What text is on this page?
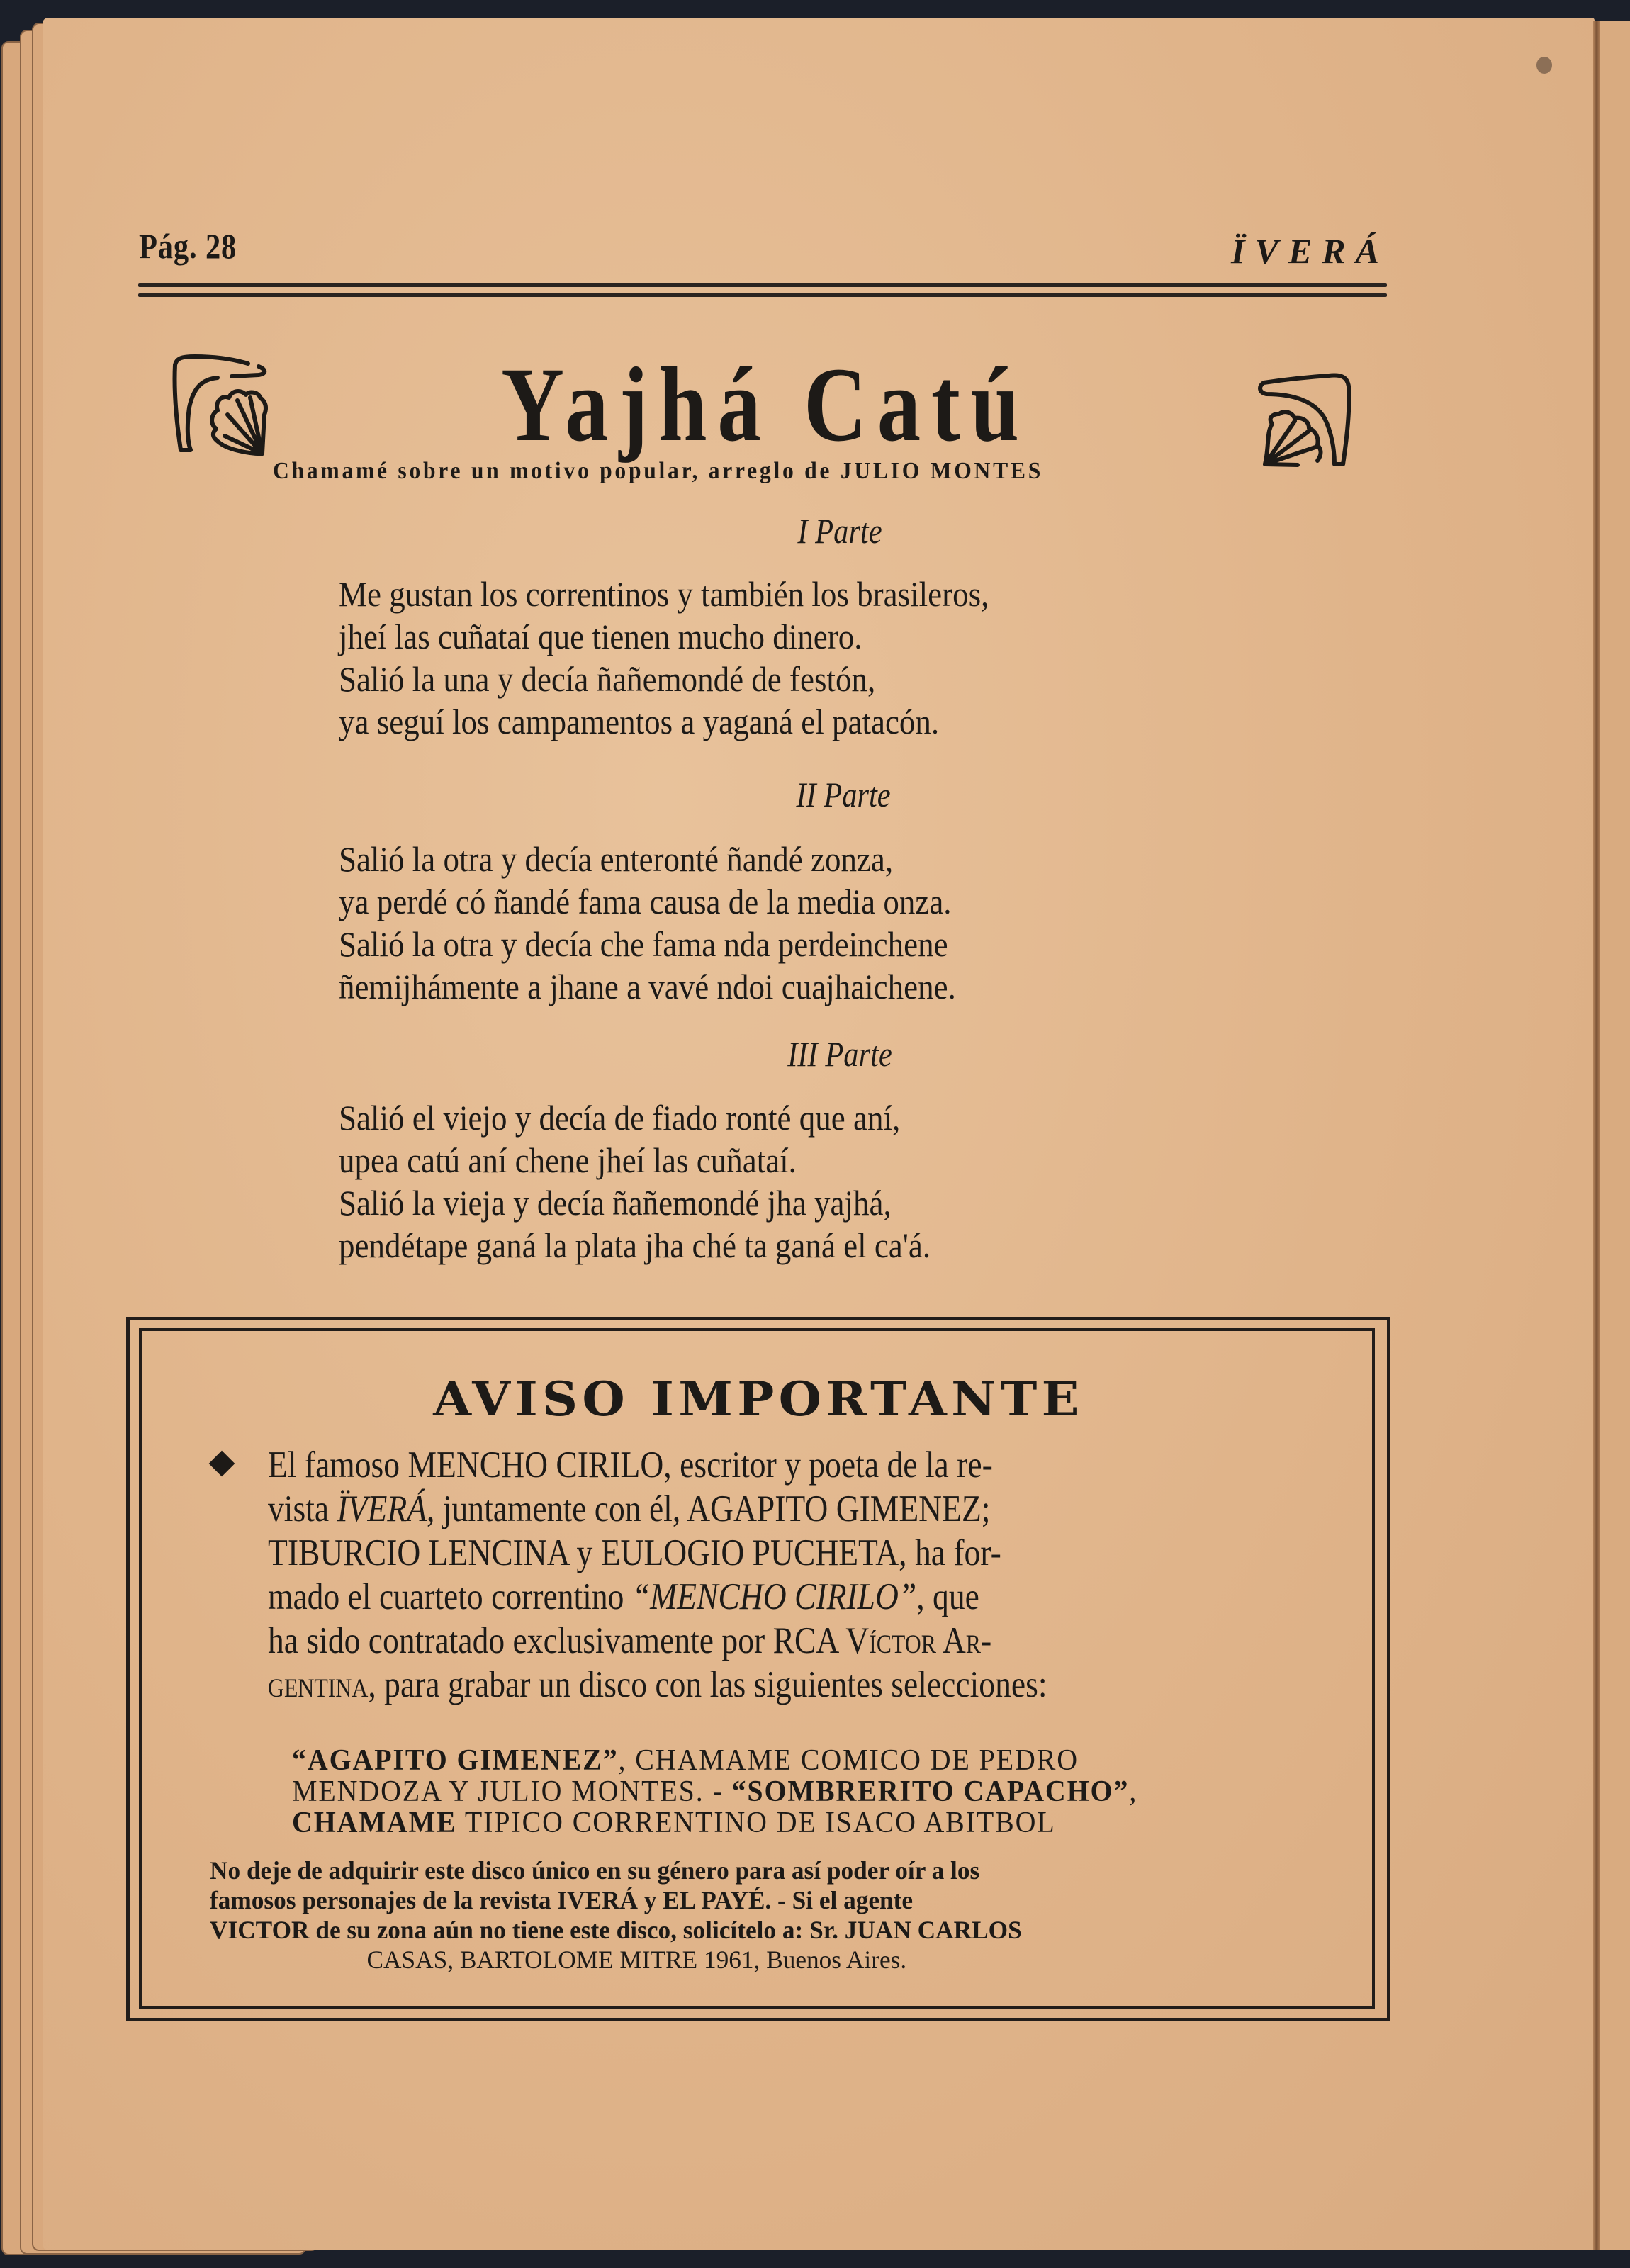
Pág. 28	ÏVERÁ
Yajhá Catú
Chamamé sobre un motivo popular, arreglo de JULIO MONTES
I Parte
Me gustan los correntinos y también los brasileros,
jheí las cuñataí que tienen mucho dinero.
Salió la una y decía ñañemondé de festón,
ya seguí los campamentos a yaganá el patacón.
II Parte
Salió la otra y decía enteronté ñandé zonza,
ya perdé có ñandé fama causa de la media onza.
Salió la otra y decía che fama nda perdeinchene
ñemijhámente a jhane a vavé ndoi cuajhaichene.
III Parte
Salió el viejo y decía de fiado ronté que aní,
upea catú aní chene jheí las cuñataí.
Salió la vieja y decía ñañemondé jha yajhá,
pendétape ganá la plata jha ché ta ganá el ca'á.
AVISO IMPORTANTE
El famoso MENCHO CIRILO, escritor y poeta de la re-
vista ÏVERÁ, juntamente con él, AGAPITO GIMENEZ;
TIBURCIO LENCINA y EULOGIO PUCHETA, ha for-
mado el cuarteto correntino “MENCHO CIRILO”, que
ha sido contratado exclusivamente por RCA Víctor Ar-
gentina, para grabar un disco con las siguientes selecciones:
“AGAPITO GIMENEZ”, CHAMAME COMICO DE PEDRO
MENDOZA Y JULIO MONTES. - “SOMBRERITO CAPACHO”,
CHAMAME TIPICO CORRENTINO DE ISACO ABITBOL
No deje de adquirir este disco único en su género para así poder oír a los
famosos personajes de la revista IVERÁ y EL PAYÉ. - Si el agente
VICTOR de su zona aún no tiene este disco, solicítelo a: Sr. JUAN CARLOS
CASAS, BARTOLOME MITRE 1961, Buenos Aires.
